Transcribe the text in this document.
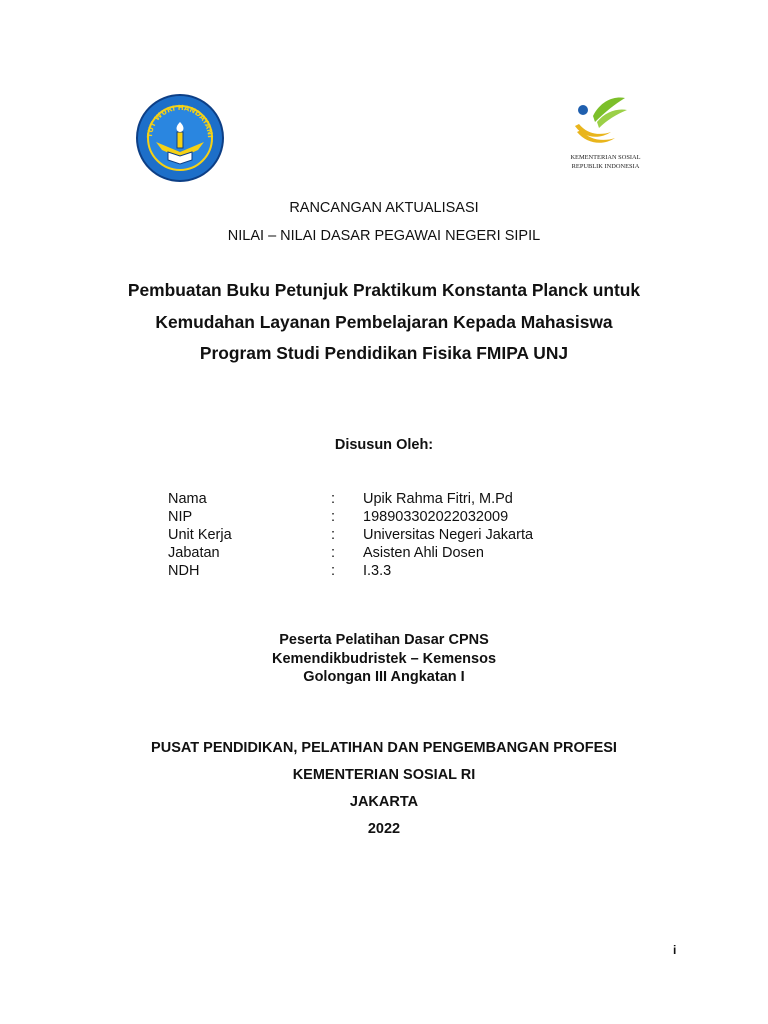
TUT WURI HANDAYANI
KEMENTERIAN SOSIAL
REPUBLIK INDONESIA
RANCANGAN AKTUALISASI
NILAI – NILAI DASAR PEGAWAI NEGERI SIPIL
Pembuatan Buku Petunjuk Praktikum Konstanta Planck untuk
Kemudahan Layanan Pembelajaran Kepada Mahasiswa
Program Studi Pendidikan Fisika FMIPA UNJ
Disusun Oleh:
Nama	: Upik Rahma Fitri, M.Pd
NIP	: 198903302022032009
Unit Kerja	: Universitas Negeri Jakarta
Jabatan	: Asisten Ahli Dosen
NDH	: I.3.3
Peserta Pelatihan Dasar CPNS
Kemendikbudristek – Kemensos
Golongan III Angkatan I
PUSAT PENDIDIKAN, PELATIHAN DAN PENGEMBANGAN PROFESI
KEMENTERIAN SOSIAL RI
JAKARTA
2022
i
